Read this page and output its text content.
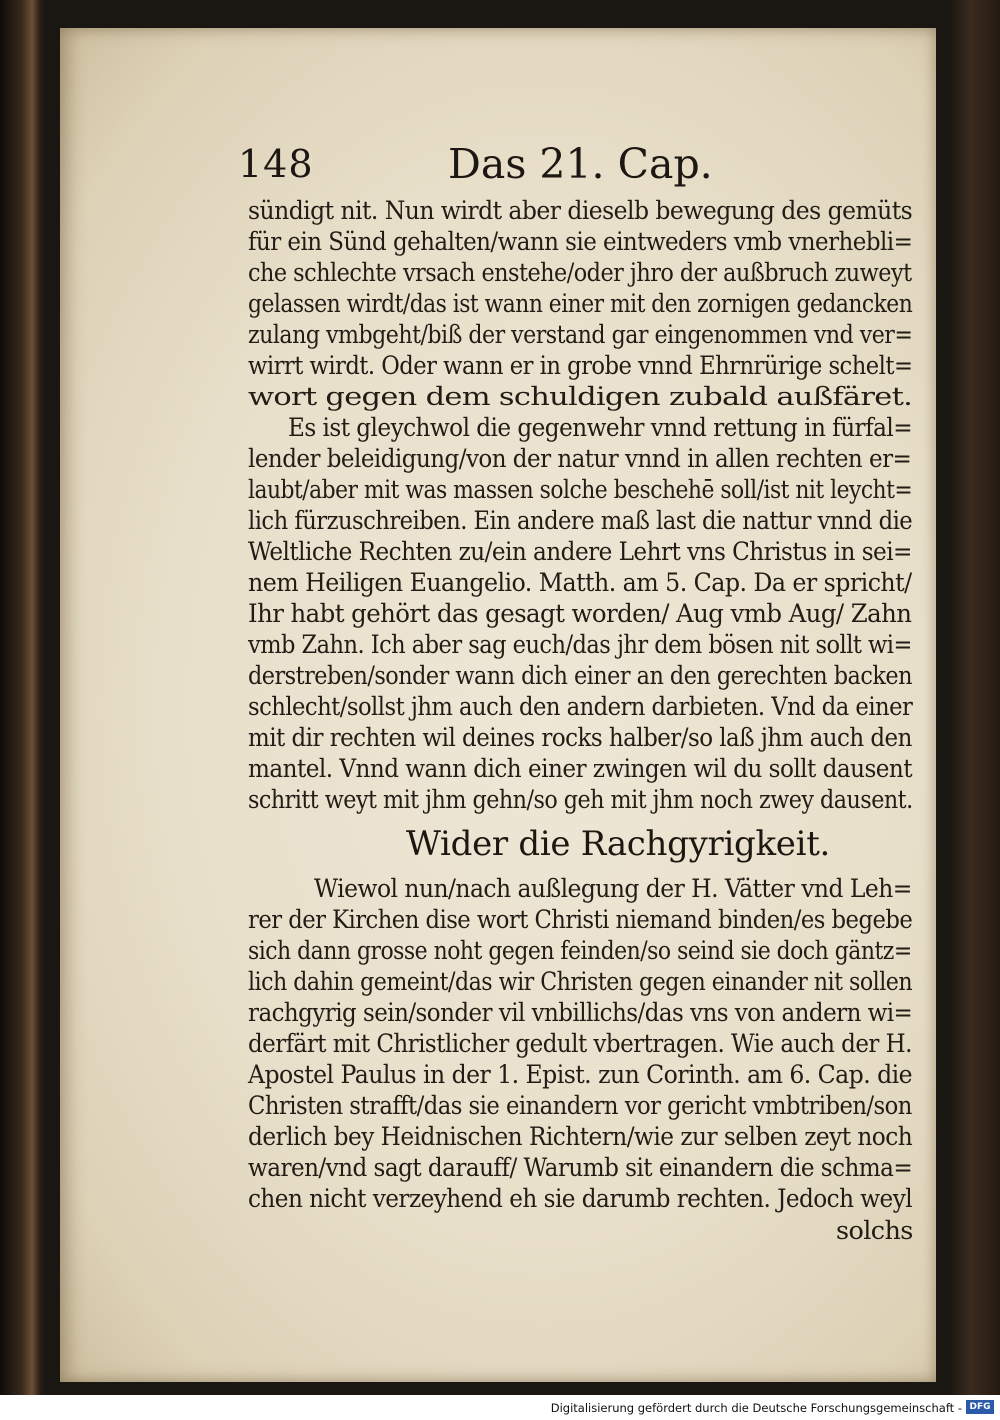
148	Das 21. Cap.
sündigt nit. Nun wirdt aber dieselb bewegung des gemüts
für ein Sünd gehalten/wann sie eintweders vmb vnerhebli=
che schlechte vrsach enstehe/oder jhro der außbruch zuweyt
gelassen wirdt/das ist wann einer mit den zornigen gedancken
zulang vmbgeht/biß der verstand gar eingenommen vnd ver=
wirrt wirdt. Oder wann er in grobe vnnd Ehrnrürige schelt=
wort gegen dem schuldigen zubald außfäret.
Es ist gleychwol die gegenwehr vnnd rettung in fürfal=
lender beleidigung/von der natur vnnd in allen rechten er=
laubt/aber mit was massen solche beschehē soll/ist nit leycht=
lich fürzuschreiben. Ein andere maß last die nattur vnnd die
Weltliche Rechten zu/ein andere Lehrt vns Christus in sei=
nem Heiligen Euangelio. Matth. am 5. Cap. Da er spricht/
Ihr habt gehört das gesagt worden/ Aug vmb Aug/ Zahn
vmb Zahn. Ich aber sag euch/das jhr dem bösen nit sollt wi=
derstreben/sonder wann dich einer an den gerechten backen
schlecht/sollst jhm auch den andern darbieten. Vnd da einer
mit dir rechten wil deines rocks halber/so laß jhm auch den
mantel. Vnnd wann dich einer zwingen wil du sollt dausent
schritt weyt mit jhm gehn/so geh mit jhm noch zwey dausent.
Wider die Rachgyrigkeit.
Wiewol nun/nach außlegung der H. Vätter vnd Leh=
rer der Kirchen dise wort Christi niemand binden/es begebe
sich dann grosse noht gegen feinden/so seind sie doch gäntz=
lich dahin gemeint/das wir Christen gegen einander nit sollen
rachgyrig sein/sonder vil vnbillichs/das vns von andern wi=
derfärt mit Christlicher gedult vbertragen. Wie auch der H.
Apostel Paulus in der 1. Epist. zun Corinth. am 6. Cap. die
Christen strafft/das sie einandern vor gericht vmbtriben/son
derlich bey Heidnischen Richtern/wie zur selben zeyt noch
waren/vnd sagt darauff/ Warumb sit einandern die schma=
chen nicht verzeyhend eh sie darumb rechten. Jedoch weyl
solchs
Digitalisierung gefördert durch die Deutsche Forschungsgemeinschaft - DFG
